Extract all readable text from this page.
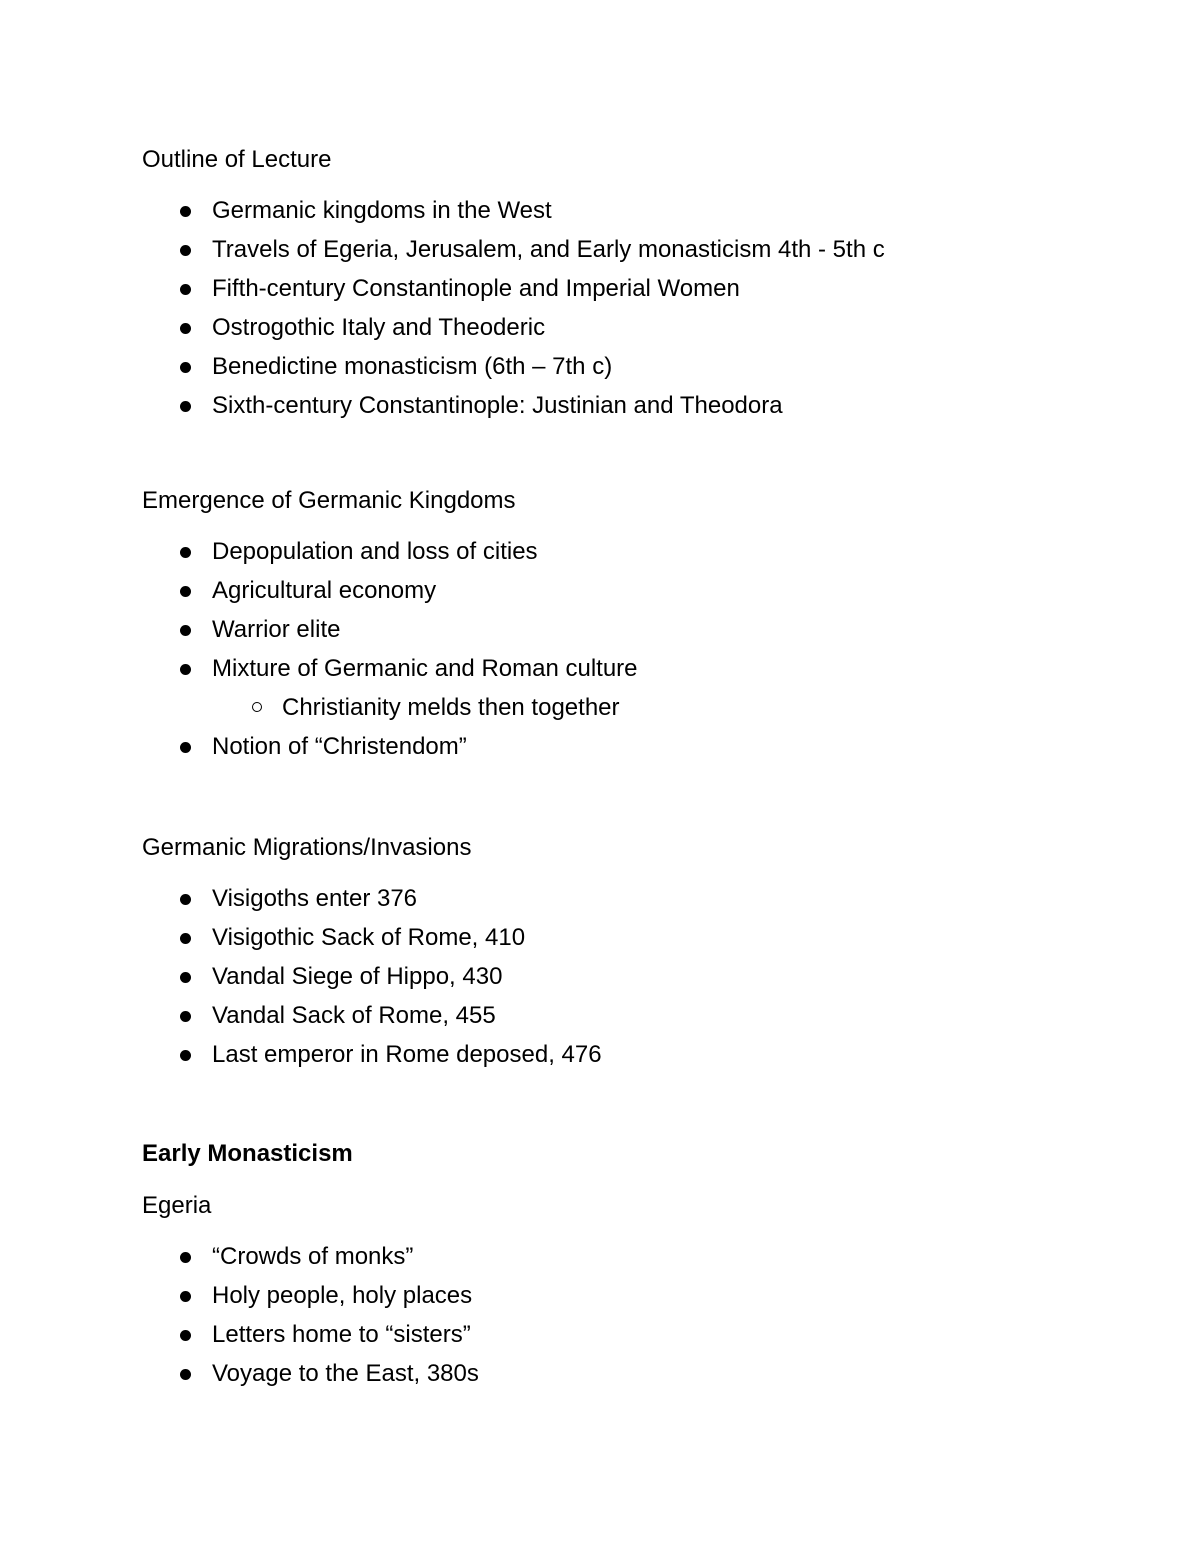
Outline of Lecture

Germanic kingdoms in the West
Travels of Egeria, Jerusalem, and Early monasticism 4th - 5th c
Fifth-century Constantinople and Imperial Women
Ostrogothic Italy and Theoderic
Benedictine monasticism (6th – 7th c)
Sixth-century Constantinople: Justinian and Theodora

Emergence of Germanic Kingdoms

Depopulation and loss of cities
Agricultural economy
Warrior elite
Mixture of Germanic and Roman culture
Christianity melds then together
Notion of “Christendom”

Germanic Migrations/Invasions

Visigoths enter 376
Visigothic Sack of Rome, 410
Vandal Siege of Hippo, 430
Vandal Sack of Rome, 455
Last emperor in Rome deposed, 476

Early Monasticism

Egeria

“Crowds of monks”
Holy people, holy places
Letters home to “sisters”
Voyage to the East, 380s
